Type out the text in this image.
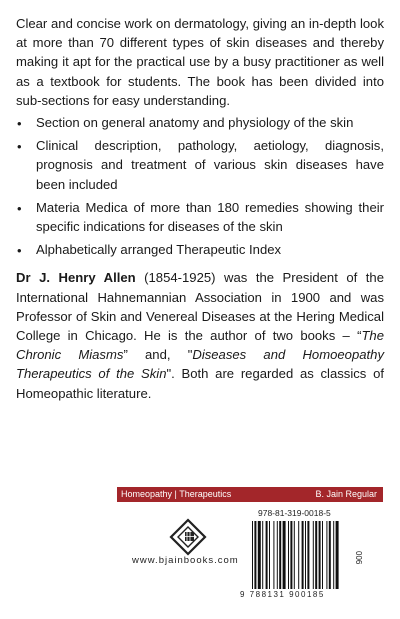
Clear and concise work on dermatology, giving an in-depth look at more than 70 different types of skin diseases and thereby making it apt for the practical use by a busy practitioner as well as a textbook for students. The book has been divided into sub-sections for easy understanding.

• Section on general anatomy and physiology of the skin
• Clinical description, pathology, aetiology, diagnosis, prognosis and treatment of various skin diseases have been included
• Materia Medica of more than 180 remedies showing their specific indications for diseases of the skin
• Alphabetically arranged Therapeutic Index

Dr J. Henry Allen (1854-1925) was the President of the International Hahnemannian Association in 1900 and was Professor of Skin and Venereal Diseases at the Hering Medical College in Chicago. He is the author of two books – “The Chronic Miasms” and, "Diseases and Homoeopathy Therapeutics of the Skin". Both are regarded as classics of Homeopathic literature.

Homeopathy | Therapeutics	B. Jain Regular
www.bjainbooks.com
978-81-319-0018-5
9 788131 900185
006
